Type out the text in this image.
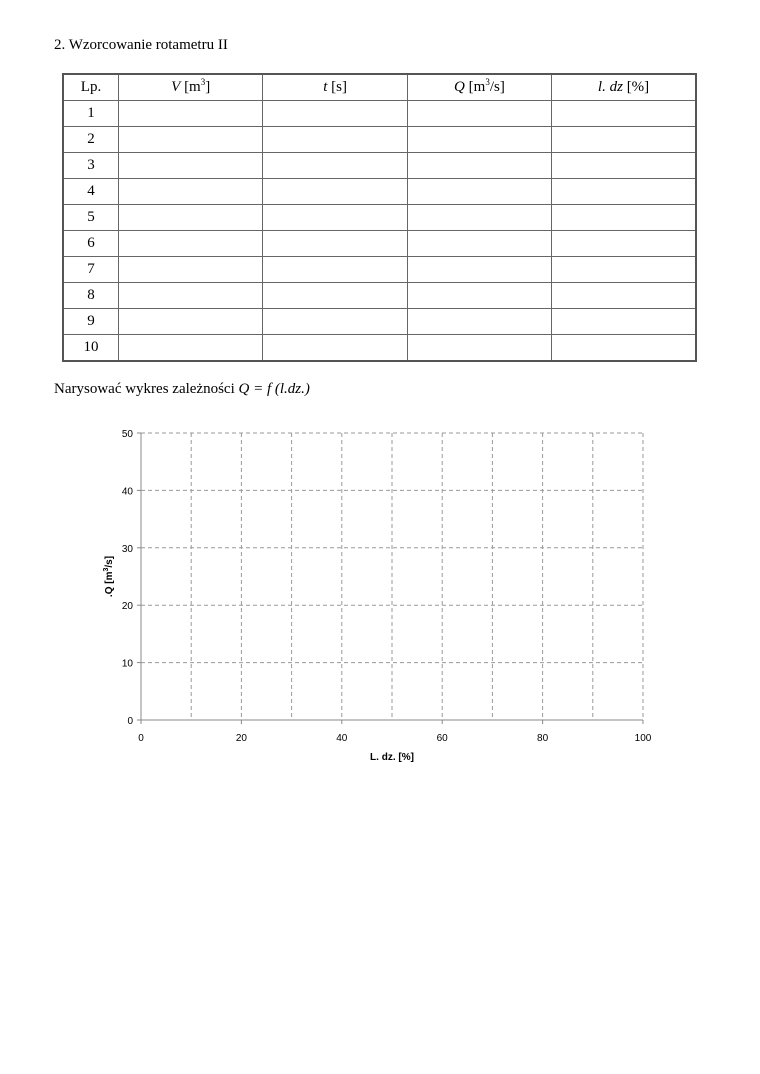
2. Wzorcowanie rotametru II
Lp.	V $[m^3]$	t [s]	Q $[m^3/s]$	l. dz [%]
1				
2				
3				
4				
5				
6				
7				
8				
9				
10				
Narysować wykres zależności Q = f (l.dz.)
0
10
20
30
40
50
0	20	40	60	80	100
L. dz. [%]
.Q $[m^3/s]$
